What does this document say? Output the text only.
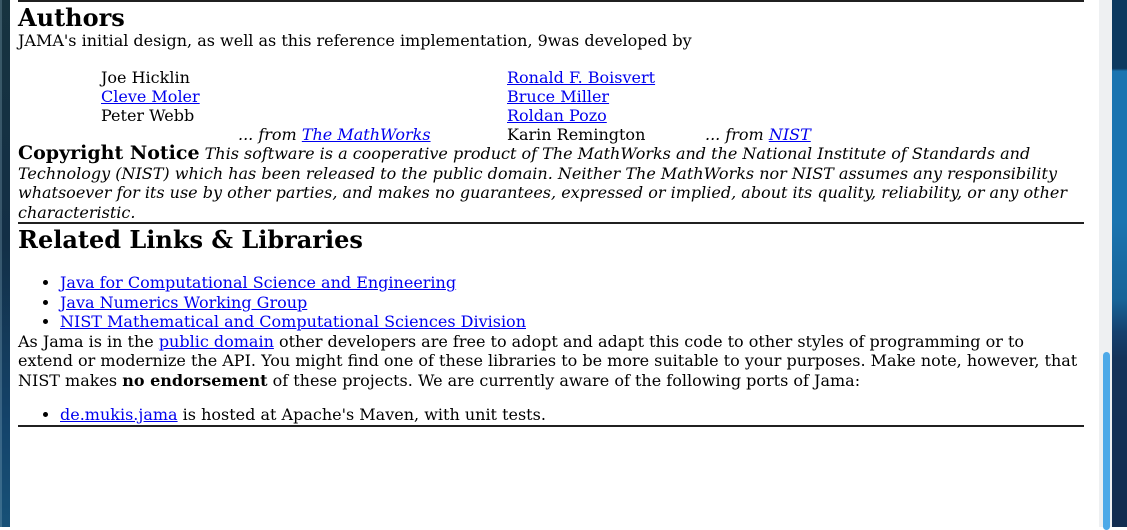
Authors

JAMA's initial design, as well as this reference implementation, 9was developed by

Joe Hicklin
Cleve Moler
Peter Webb
... from The MathWorks
Ronald F. Boisvert
Bruce Miller
Roldan Pozo
Karin Remington	... from NIST

Copyright Notice This software is a cooperative product of The MathWorks and the National Institute of Standards and Technology (NIST) which has been released to the public domain. Neither The MathWorks nor NIST assumes any responsibility whatsoever for its use by other parties, and makes no guarantees, expressed or implied, about its quality, reliability, or any other characteristic.

Related Links & Libraries
• Java for Computational Science and Engineering
• Java Numerics Working Group
• NIST Mathematical and Computational Sciences Division

As Jama is in the public domain other developers are free to adopt and adapt this code to other styles of programming or to extend or modernize the API. You might find one of these libraries to be more suitable to your purposes. Make note, however, that NIST makes no endorsement of these projects. We are currently aware of the following ports of Jama:

• de.mukis.jama is hosted at Apache's Maven, with unit tests.
